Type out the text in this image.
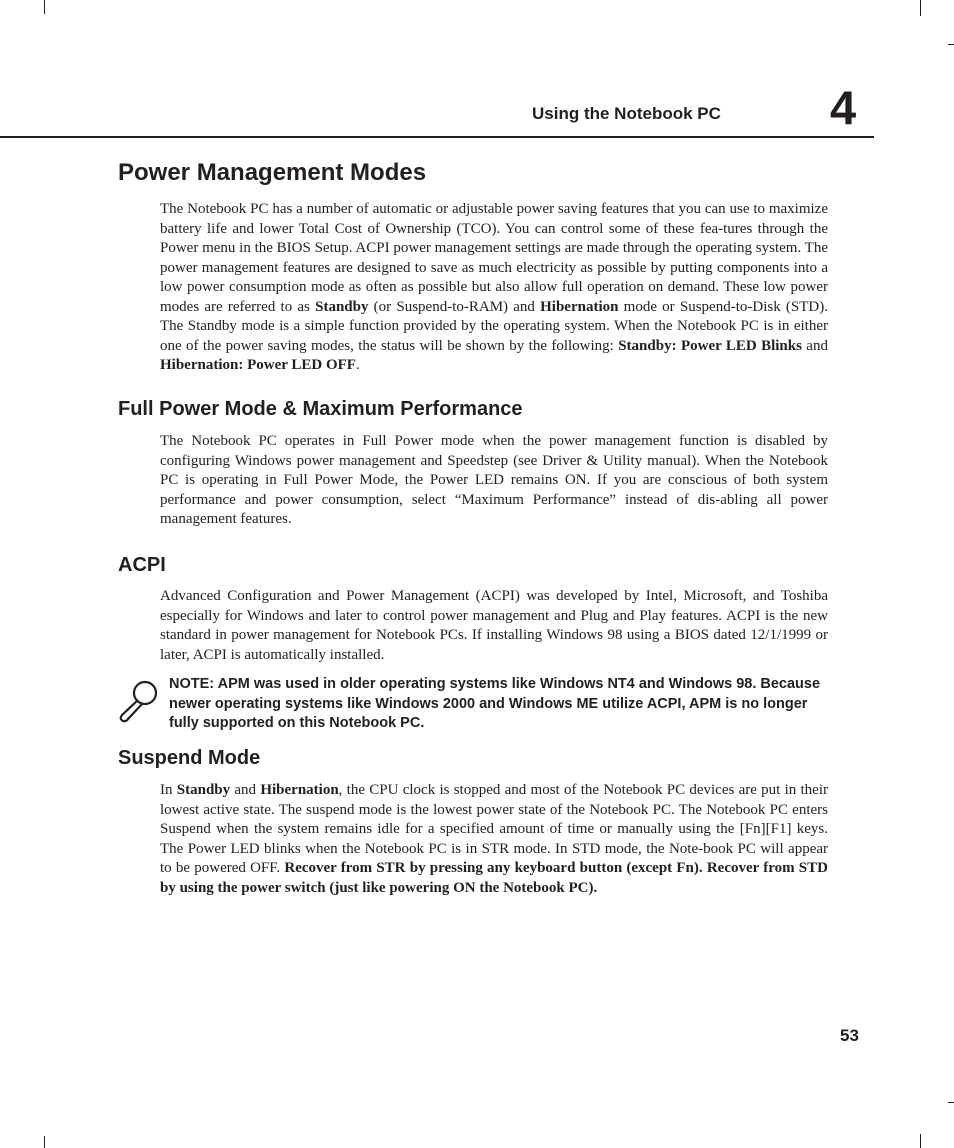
Using the Notebook PC 4
Power Management Modes

The Notebook PC has a number of automatic or adjustable power saving features that you can use to maximize battery life and lower Total Cost of Ownership (TCO). You can control some of these fea-tures through the Power menu in the BIOS Setup. ACPI power management settings are made through the operating system. The power management features are designed to save as much electricity as possible by putting components into a low power consumption mode as often as possible but also allow full operation on demand. These low power modes are referred to as Standby (or Suspend-to-RAM) and Hibernation mode or Suspend-to-Disk (STD). The Standby mode is a simple function provided by the operating system. When the Notebook PC is in either one of the power saving modes, the status will be shown by the following: Standby: Power LED Blinks and Hibernation: Power LED OFF.

Full Power Mode & Maximum Performance

The Notebook PC operates in Full Power mode when the power management function is disabled by configuring Windows power management and Speedstep (see Driver & Utility manual). When the Notebook PC is operating in Full Power Mode, the Power LED remains ON. If you are conscious of both system performance and power consumption, select “Maximum Performance” instead of dis-abling all power management features.

ACPI

Advanced Configuration and Power Management (ACPI) was developed by Intel, Microsoft, and Toshiba especially for Windows and later to control power management and Plug and Play features. ACPI is the new standard in power management for Notebook PCs. If installing Windows 98 using a BIOS dated 12/1/1999 or later, ACPI is automatically installed.

NOTE: APM was used in older operating systems like Windows NT4 and Windows 98. Because newer operating systems like Windows 2000 and Windows ME utilize ACPI, APM is no longer fully supported on this Notebook PC.

Suspend Mode

In Standby and Hibernation, the CPU clock is stopped and most of the Notebook PC devices are put in their lowest active state. The suspend mode is the lowest power state of the Notebook PC. The Notebook PC enters Suspend when the system remains idle for a specified amount of time or manually using the [Fn][F1] keys. The Power LED blinks when the Notebook PC is in STR mode. In STD mode, the Note-book PC will appear to be powered OFF. Recover from STR by pressing any keyboard button (except Fn). Recover from STD by using the power switch (just like powering ON the Notebook PC).

53
